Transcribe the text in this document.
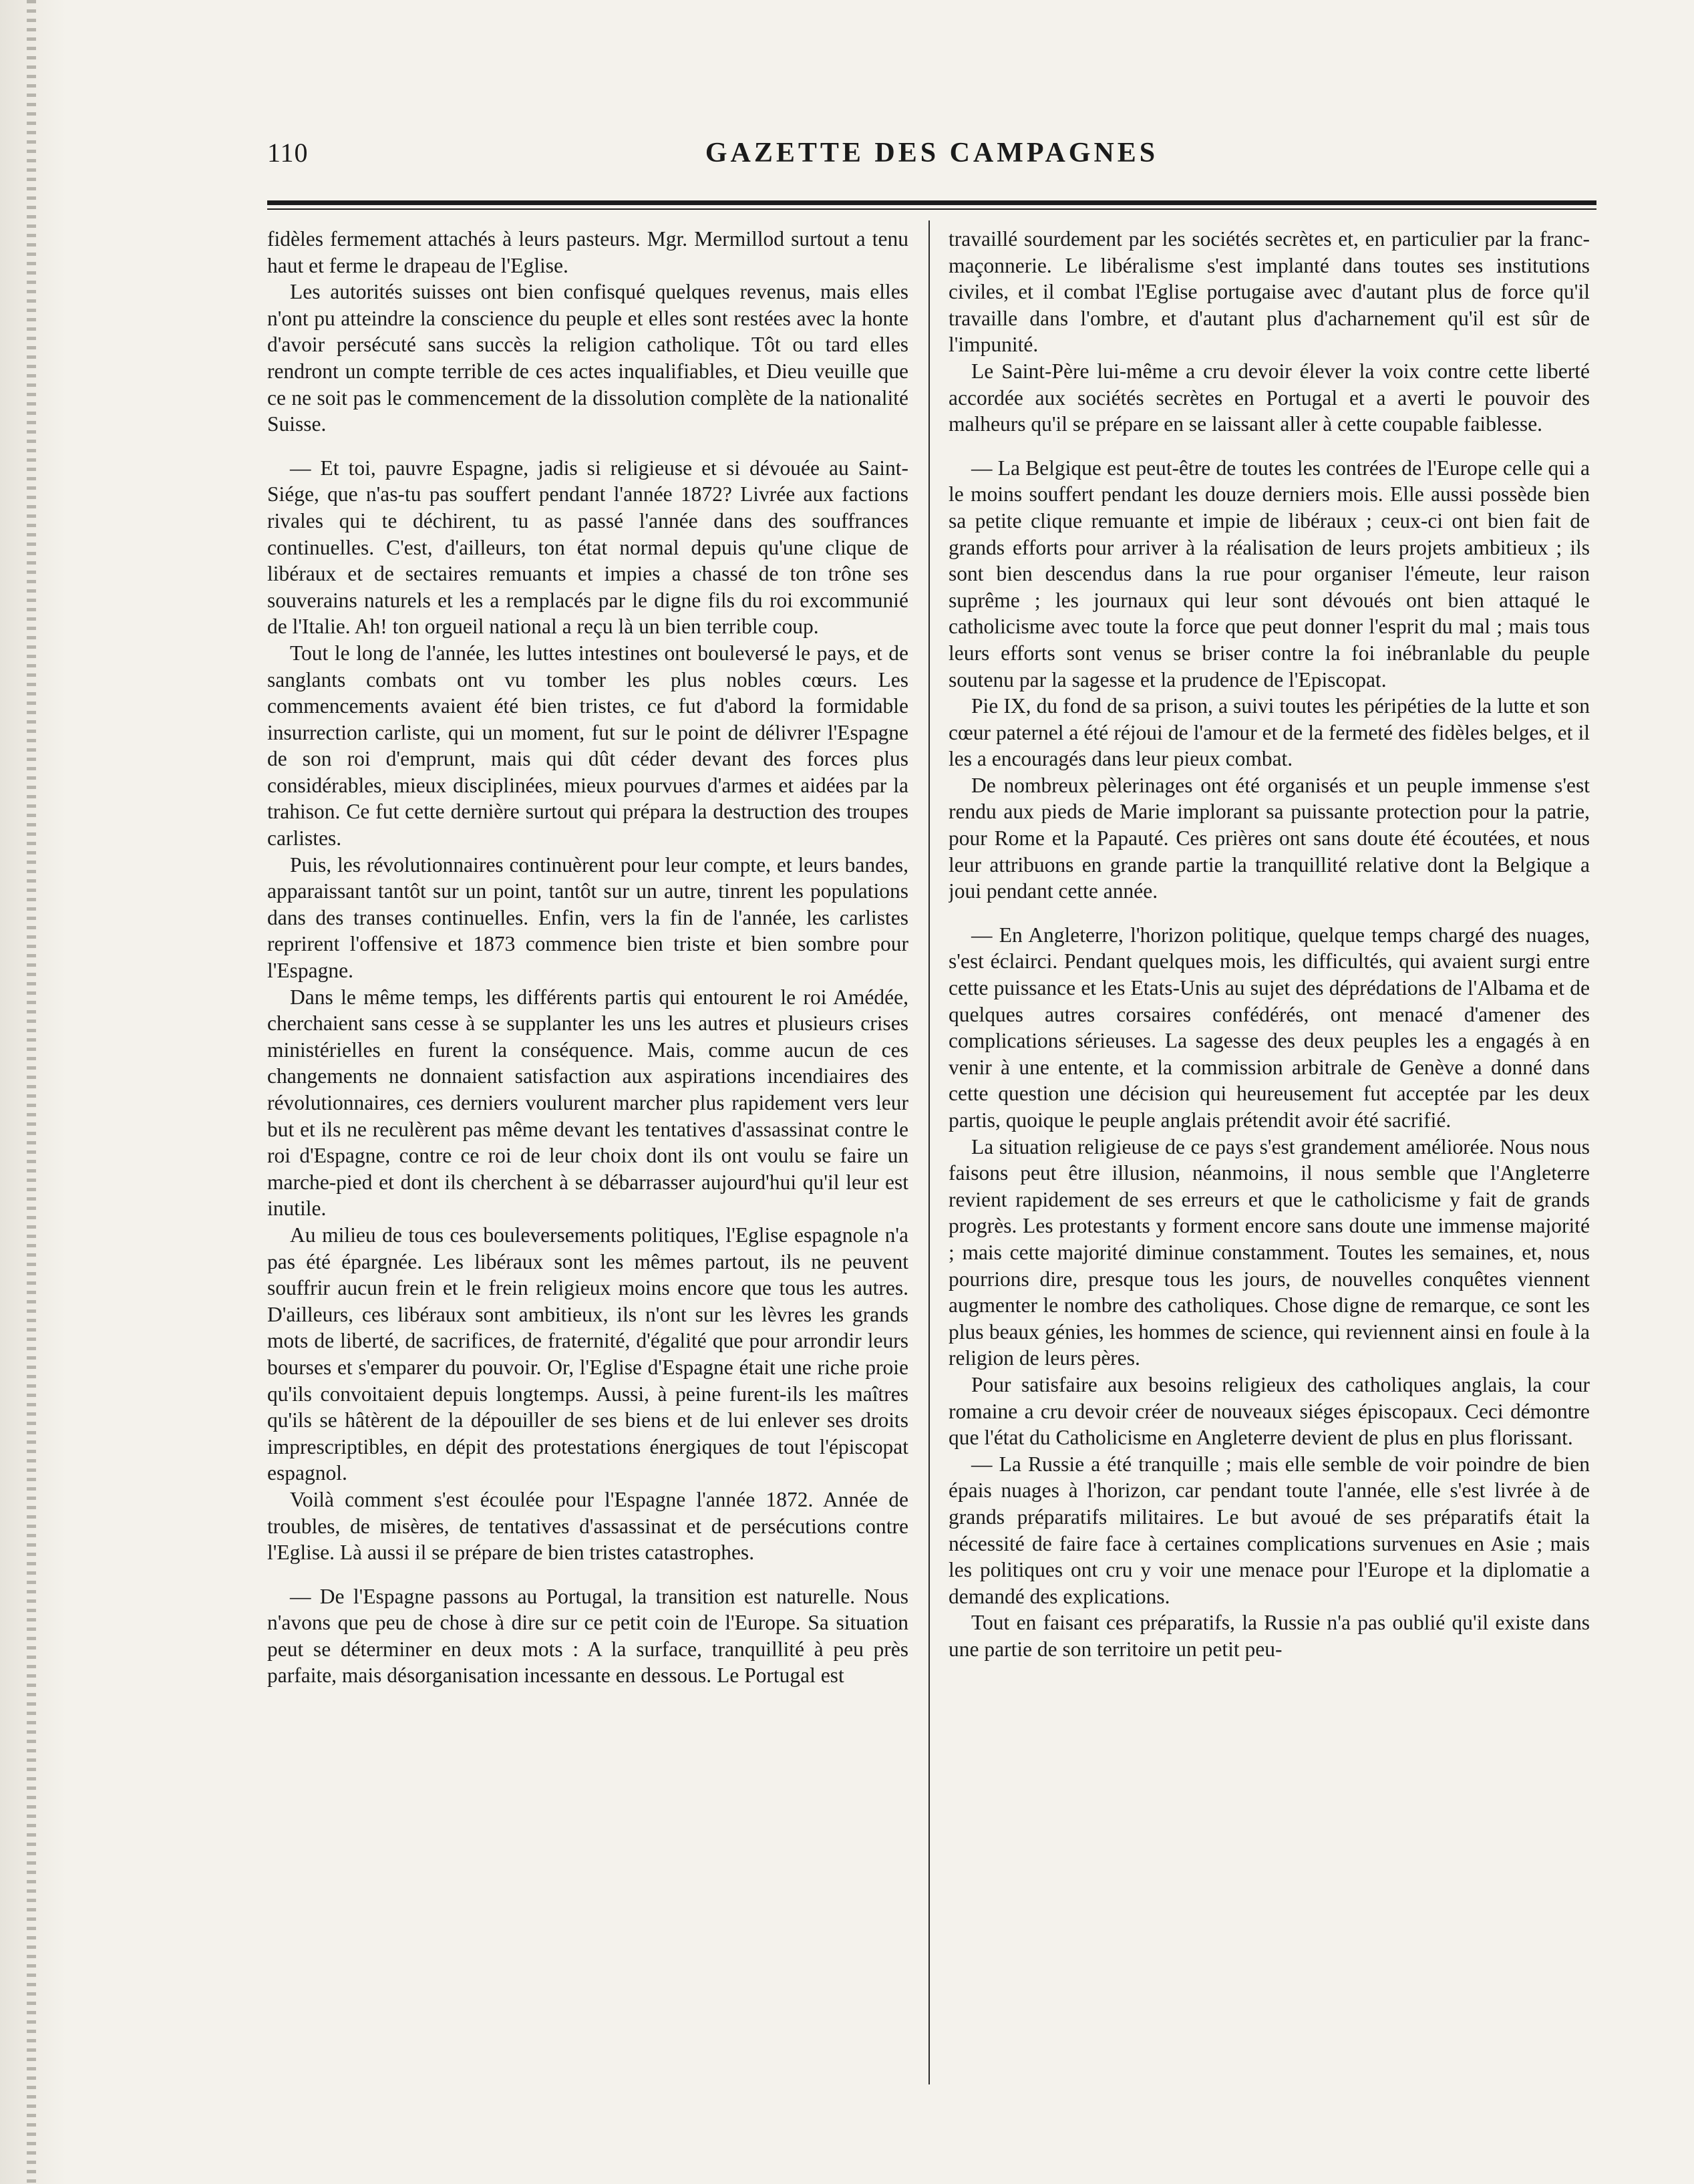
110	GAZETTE DES CAMPAGNES

fidèles fermement attachés à leurs pasteurs. Mgr. Mermillod surtout a tenu haut et ferme le drapeau de l'Eglise.

Les autorités suisses ont bien confisqué quelques revenus, mais elles n'ont pu atteindre la conscience du peuple et elles sont restées avec la honte d'avoir persécuté sans succès la religion catholique. Tôt ou tard elles rendront un compte terrible de ces actes inqualifiables, et Dieu veuille que ce ne soit pas le commencement de la dissolution complète de la nationalité Suisse.

— Et toi, pauvre Espagne, jadis si religieuse et si dévouée au Saint-Siége, que n'as-tu pas souffert pendant l'année 1872? Livrée aux factions rivales qui te déchirent, tu as passé l'année dans des souffrances continuelles. C'est, d'ailleurs, ton état normal depuis qu'une clique de libéraux et de sectaires remuants et impies a chassé de ton trône ses souverains naturels et les a remplacés par le digne fils du roi excommunié de l'Italie. Ah! ton orgueil national a reçu là un bien terrible coup.

Tout le long de l'année, les luttes intestines ont bouleversé le pays, et de sanglants combats ont vu tomber les plus nobles cœurs. Les commencements avaient été bien tristes, ce fut d'abord la formidable insurrection carliste, qui un moment, fut sur le point de délivrer l'Espagne de son roi d'emprunt, mais qui dût céder devant des forces plus considérables, mieux disciplinées, mieux pourvues d'armes et aidées par la trahison. Ce fut cette dernière surtout qui prépara la destruction des troupes carlistes.

Puis, les révolutionnaires continuèrent pour leur compte, et leurs bandes, apparaissant tantôt sur un point, tantôt sur un autre, tinrent les populations dans des transes continuelles. Enfin, vers la fin de l'année, les carlistes reprirent l'offensive et 1873 commence bien triste et bien sombre pour l'Espagne.

Dans le même temps, les différents partis qui entourent le roi Amédée, cherchaient sans cesse à se supplanter les uns les autres et plusieurs crises ministérielles en furent la conséquence. Mais, comme aucun de ces changements ne donnaient satisfaction aux aspirations incendiaires des révolutionnaires, ces derniers voulurent marcher plus rapidement vers leur but et ils ne reculèrent pas même devant les tentatives d'assassinat contre le roi d'Espagne, contre ce roi de leur choix dont ils ont voulu se faire un marche-pied et dont ils cherchent à se débarrasser aujourd'hui qu'il leur est inutile.

Au milieu de tous ces bouleversements politiques, l'Eglise espagnole n'a pas été épargnée. Les libéraux sont les mêmes partout, ils ne peuvent souffrir aucun frein et le frein religieux moins encore que tous les autres. D'ailleurs, ces libéraux sont ambitieux, ils n'ont sur les lèvres les grands mots de liberté, de sacrifices, de fraternité, d'égalité que pour arrondir leurs bourses et s'emparer du pouvoir. Or, l'Eglise d'Espagne était une riche proie qu'ils convoitaient depuis longtemps. Aussi, à peine furent-ils les maîtres qu'ils se hâtèrent de la dépouiller de ses biens et de lui enlever ses droits imprescriptibles, en dépit des protestations énergiques de tout l'épiscopat espagnol.

Voilà comment s'est écoulée pour l'Espagne l'année 1872. Année de troubles, de misères, de tentatives d'assassinat et de persécutions contre l'Eglise. Là aussi il se prépare de bien tristes catastrophes.

— De l'Espagne passons au Portugal, la transition est naturelle. Nous n'avons que peu de chose à dire sur ce petit coin de l'Europe. Sa situation peut se déterminer en deux mots : A la surface, tranquillité à peu près parfaite, mais désorganisation incessante en dessous. Le Portugal est

travaillé sourdement par les sociétés secrètes et, en particulier par la franc-maçonnerie. Le libéralisme s'est implanté dans toutes ses institutions civiles, et il combat l'Eglise portugaise avec d'autant plus de force qu'il travaille dans l'ombre, et d'autant plus d'acharnement qu'il est sûr de l'impunité.

Le Saint-Père lui-même a cru devoir élever la voix contre cette liberté accordée aux sociétés secrètes en Portugal et a averti le pouvoir des malheurs qu'il se prépare en se laissant aller à cette coupable faiblesse.

— La Belgique est peut-être de toutes les contrées de l'Europe celle qui a le moins souffert pendant les douze derniers mois. Elle aussi possède bien sa petite clique remuante et impie de libéraux ; ceux-ci ont bien fait de grands efforts pour arriver à la réalisation de leurs projets ambitieux ; ils sont bien descendus dans la rue pour organiser l'émeute, leur raison suprême ; les journaux qui leur sont dévoués ont bien attaqué le catholicisme avec toute la force que peut donner l'esprit du mal ; mais tous leurs efforts sont venus se briser contre la foi inébranlable du peuple soutenu par la sagesse et la prudence de l'Episcopat.

Pie IX, du fond de sa prison, a suivi toutes les péripéties de la lutte et son cœur paternel a été réjoui de l'amour et de la fermeté des fidèles belges, et il les a encouragés dans leur pieux combat.

De nombreux pèlerinages ont été organisés et un peuple immense s'est rendu aux pieds de Marie implorant sa puissante protection pour la patrie, pour Rome et la Papauté. Ces prières ont sans doute été écoutées, et nous leur attribuons en grande partie la tranquillité relative dont la Belgique a joui pendant cette année.

— En Angleterre, l'horizon politique, quelque temps chargé des nuages, s'est éclairci. Pendant quelques mois, les difficultés, qui avaient surgi entre cette puissance et les Etats-Unis au sujet des déprédations de l'Albama et de quelques autres corsaires confédérés, ont menacé d'amener des complications sérieuses. La sagesse des deux peuples les a engagés à en venir à une entente, et la commission arbitrale de Genève a donné dans cette question une décision qui heureusement fut acceptée par les deux partis, quoique le peuple anglais prétendit avoir été sacrifié.

La situation religieuse de ce pays s'est grandement améliorée. Nous nous faisons peut être illusion, néanmoins, il nous semble que l'Angleterre revient rapidement de ses erreurs et que le catholicisme y fait de grands progrès. Les protestants y forment encore sans doute une immense majorité ; mais cette majorité diminue constamment. Toutes les semaines, et, nous pourrions dire, presque tous les jours, de nouvelles conquêtes viennent augmenter le nombre des catholiques. Chose digne de remarque, ce sont les plus beaux génies, les hommes de science, qui reviennent ainsi en foule à la religion de leurs pères.

Pour satisfaire aux besoins religieux des catholiques anglais, la cour romaine a cru devoir créer de nouveaux siéges épiscopaux. Ceci démontre que l'état du Catholicisme en Angleterre devient de plus en plus florissant.

— La Russie a été tranquille ; mais elle semble de voir poindre de bien épais nuages à l'horizon, car pendant toute l'année, elle s'est livrée à de grands préparatifs militaires. Le but avoué de ses préparatifs était la nécessité de faire face à certaines complications survenues en Asie ; mais les politiques ont cru y voir une menace pour l'Europe et la diplomatie a demandé des explications.

Tout en faisant ces préparatifs, la Russie n'a pas oublié qu'il existe dans une partie de son territoire un petit peu-
